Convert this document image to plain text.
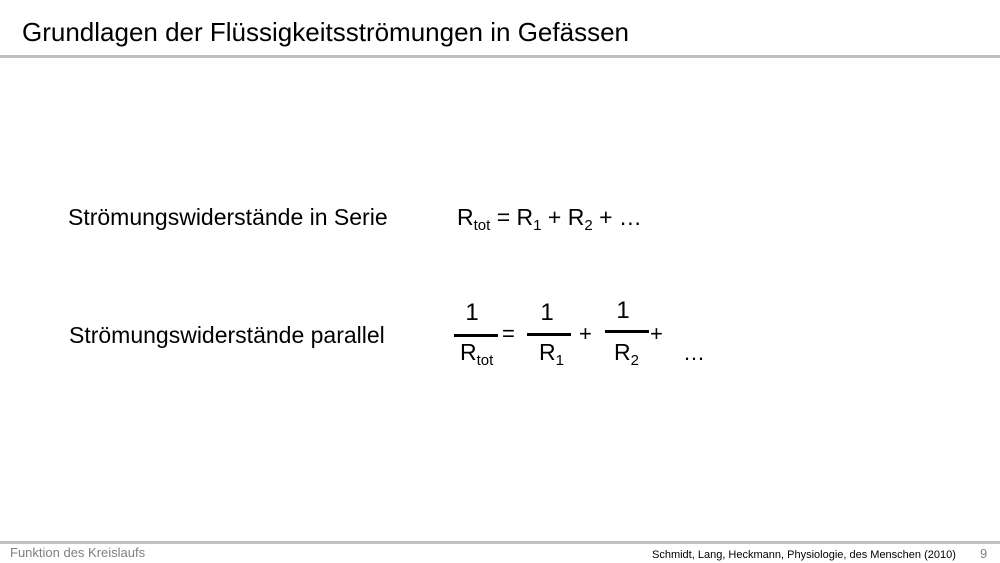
Grundlagen der Flüssigkeitsströmungen in Gefässen
Strömungswiderstände in Serie	$R_{tot} = R_1 + R_2$ + …
Strömungswiderstände parallel
1
$R_{tot}$
=
1
$R_1$
+
1
$R_2$
+
…
Funktion des Kreislaufs	Schmidt, Lang, Heckmann, Physiologie, des Menschen (2010) 9
